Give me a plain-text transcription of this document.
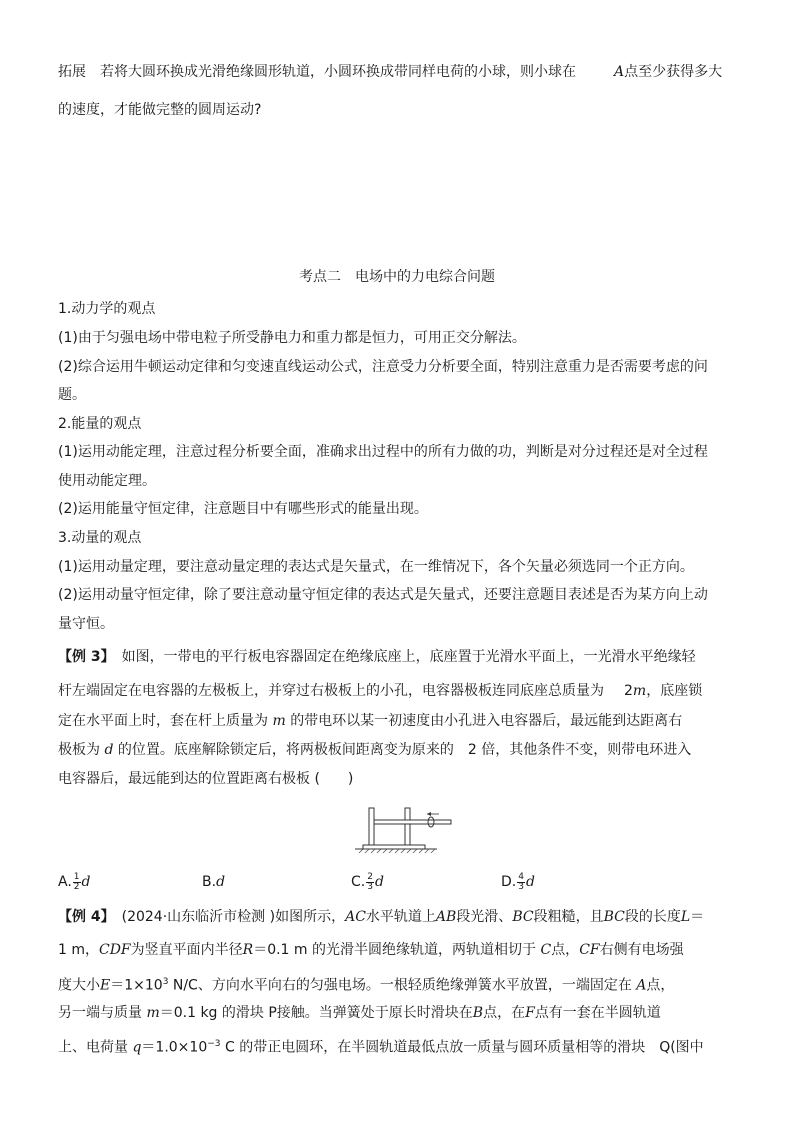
拓展　若将大圆环换成光滑绝缘圆形轨道，小圆环换成带同样电荷的小球，则小球在	A点至少获得多大
的速度，才能做完整的圆周运动?
考点二　电场中的力电综合问题
1.动力学的观点
(1)由于匀强电场中带电粒子所受静电力和重力都是恒力，可用正交分解法。
(2)综合运用牛顿运动定律和匀变速直线运动公式，注意受力分析要全面，特别注意重力是否需要考虑的问
题。
2.能量的观点
(1)运用动能定理，注意过程分析要全面，准确求出过程中的所有力做的功，判断是对分过程还是对全过程
使用动能定理。
(2)运用能量守恒定律，注意题目中有哪些形式的能量出现。
3.动量的观点
(1)运用动量定理，要注意动量定理的表达式是矢量式，在一维情况下，各个矢量必须选同一个正方向。
(2)运用动量守恒定律，除了要注意动量守恒定律的表达式是矢量式，还要注意题目表述是否为某方向上动
量守恒。
【例 3】　 如图，一带电的平行板电容器固定在绝缘底座上，底座置于光滑水平面上，一光滑水平绝缘轻
杆左端固定在电容器的左极板上，并穿过右极板上的小孔，电容器极板连同底座总质量为 2m，底座锁
定在水平面上时，套在杆上质量为 m 的带电环以某一初速度由小孔进入电容器后，最远能到达距离右
极板为 d 的位置。底座解除锁定后，将两极板间距离变为原来的　2 倍，其他条件不变，则带电环进入
电容器后，最远能到达的位置距离右极板 (　　)
A. $\frac{1}{2}$ d	B.d	C. $\frac{2}{3}$ d	D. $\frac{4}{3}$ d
【例 4】　 (2024·山东临沂市检测 )如图所示，AC水平轨道上AB段光滑、BC段粗糙，且BC段的长度L＝
1 m，CDF为竖直平面内半径R＝0.1 m 的光滑半圆绝缘轨道，两轨道相切于 C点，CF右侧有电场强
度大小$E=1\times 10^3$ N/C、方向水平向右的匀强电场。一根轻质绝缘弹簧水平放置，一端固定在 A点，
另一端与质量 m＝0.1 kg 的滑块 P接触。当弹簧处于原长时滑块在B点，在F点有一套在半圆轨道
上、电荷量 $q=1.0\times 10^{-3}$ C 的带正电圆环，在半圆轨道最低点放一质量与圆环质量相等的滑块　Q(图中
